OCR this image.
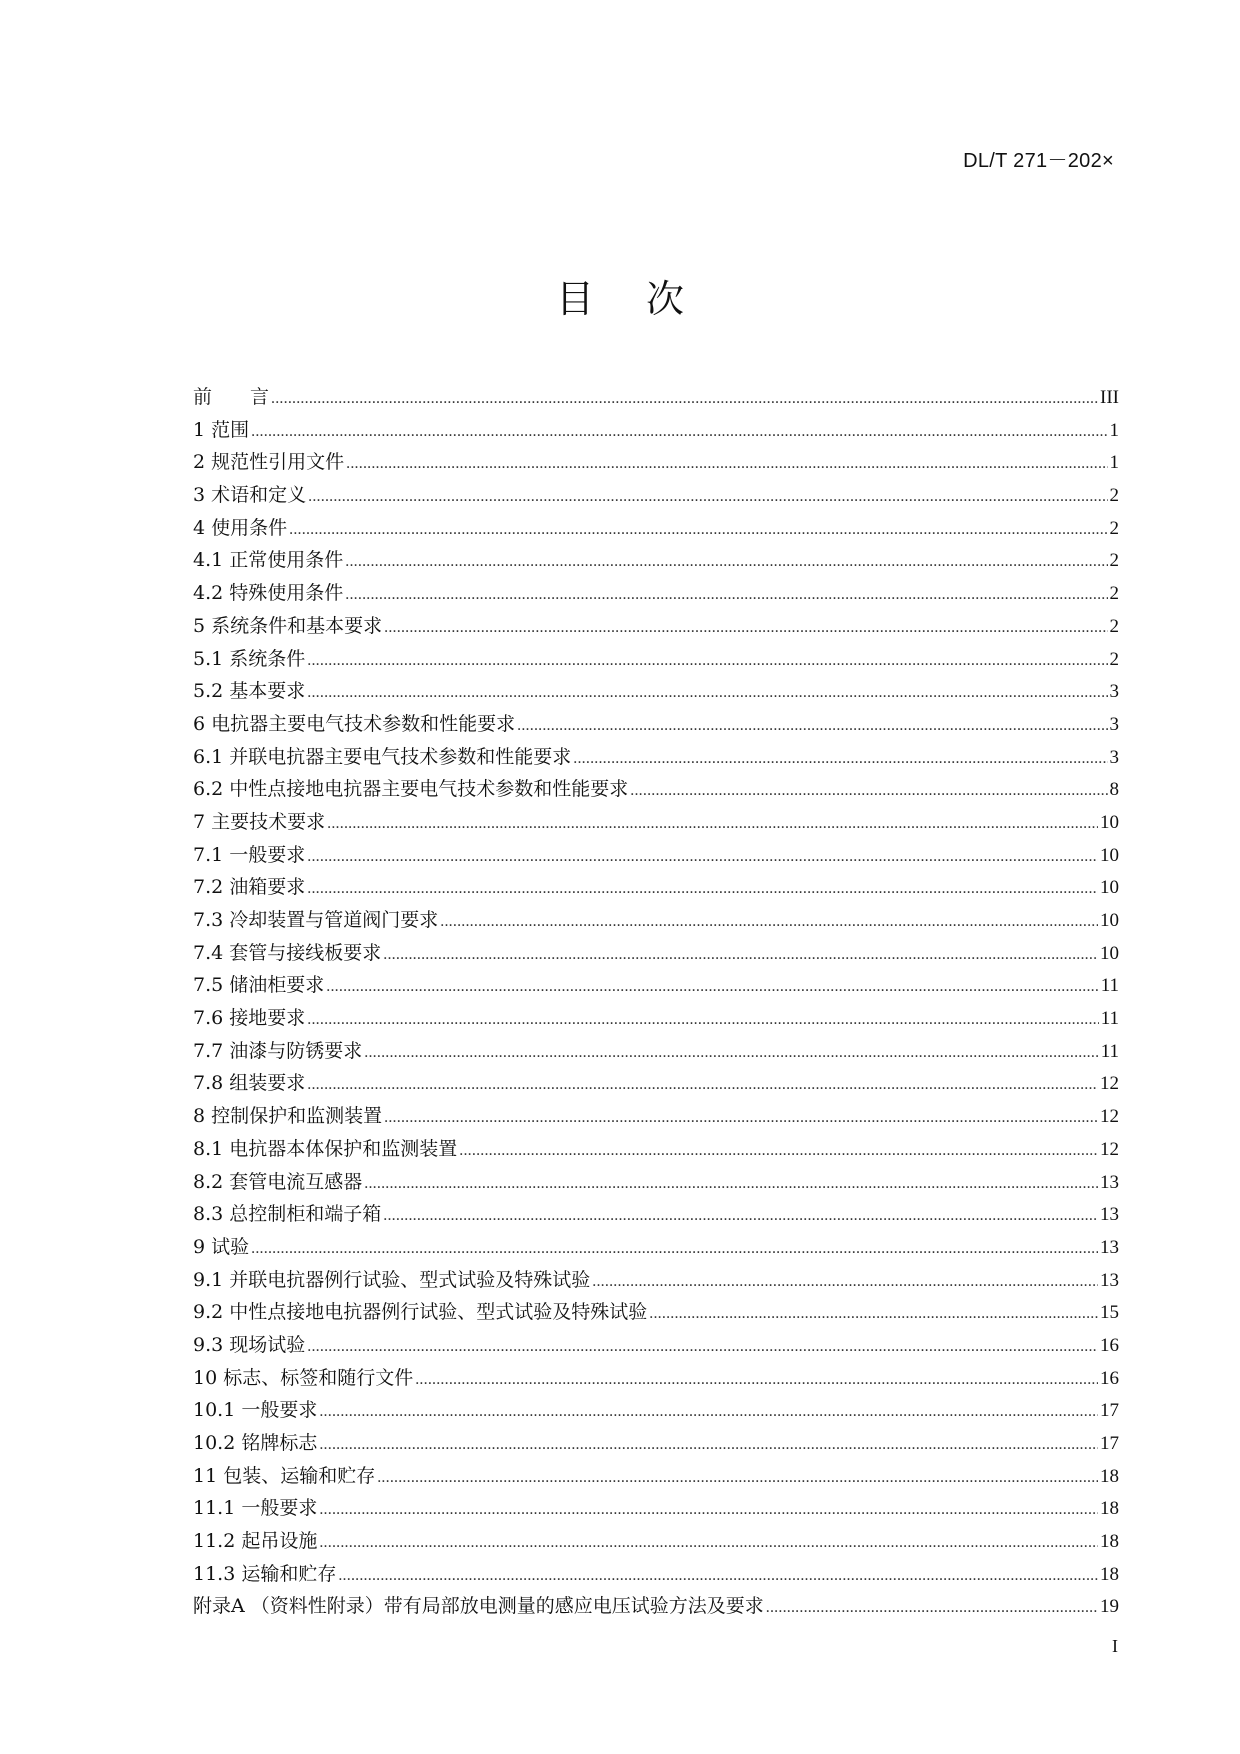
DL/T 271－202×
目 次
前　　言 .....	III
1 范围 .....	1
2 规范性引用文件 .....	1
3 术语和定义 .....	2
4 使用条件 .....	2
4.1 正常使用条件 .....	2
4.2 特殊使用条件 .....	2
5 系统条件和基本要求 .....	2
5.1 系统条件 .....	2
5.2 基本要求 .....	3
6 电抗器主要电气技术参数和性能要求 .....	3
6.1 并联电抗器主要电气技术参数和性能要求 .....	3
6.2 中性点接地电抗器主要电气技术参数和性能要求 .....	8
7 主要技术要求 .....	10
7.1 一般要求 .....	10
7.2 油箱要求 .....	10
7.3 冷却装置与管道阀门要求 .....	10
7.4 套管与接线板要求 .....	10
7.5 储油柜要求 .....	11
7.6 接地要求 .....	11
7.7 油漆与防锈要求 .....	11
7.8 组装要求 .....	12
8 控制保护和监测装置 .....	12
8.1 电抗器本体保护和监测装置 .....	12
8.2 套管电流互感器 .....	13
8.3 总控制柜和端子箱 .....	13
9 试验 .....	13
9.1 并联电抗器例行试验、型式试验及特殊试验 .....	13
9.2 中性点接地电抗器例行试验、型式试验及特殊试验 .....	15
9.3 现场试验 .....	16
10 标志、标签和随行文件 .....	16
10.1 一般要求 .....	17
10.2 铭牌标志 .....	17
11 包装、运输和贮存 .....	18
11.1 一般要求 .....	18
11.2 起吊设施 .....	18
11.3 运输和贮存 .....	18
附录A （资料性附录）带有局部放电测量的感应电压试验方法及要求 .....	19
I
